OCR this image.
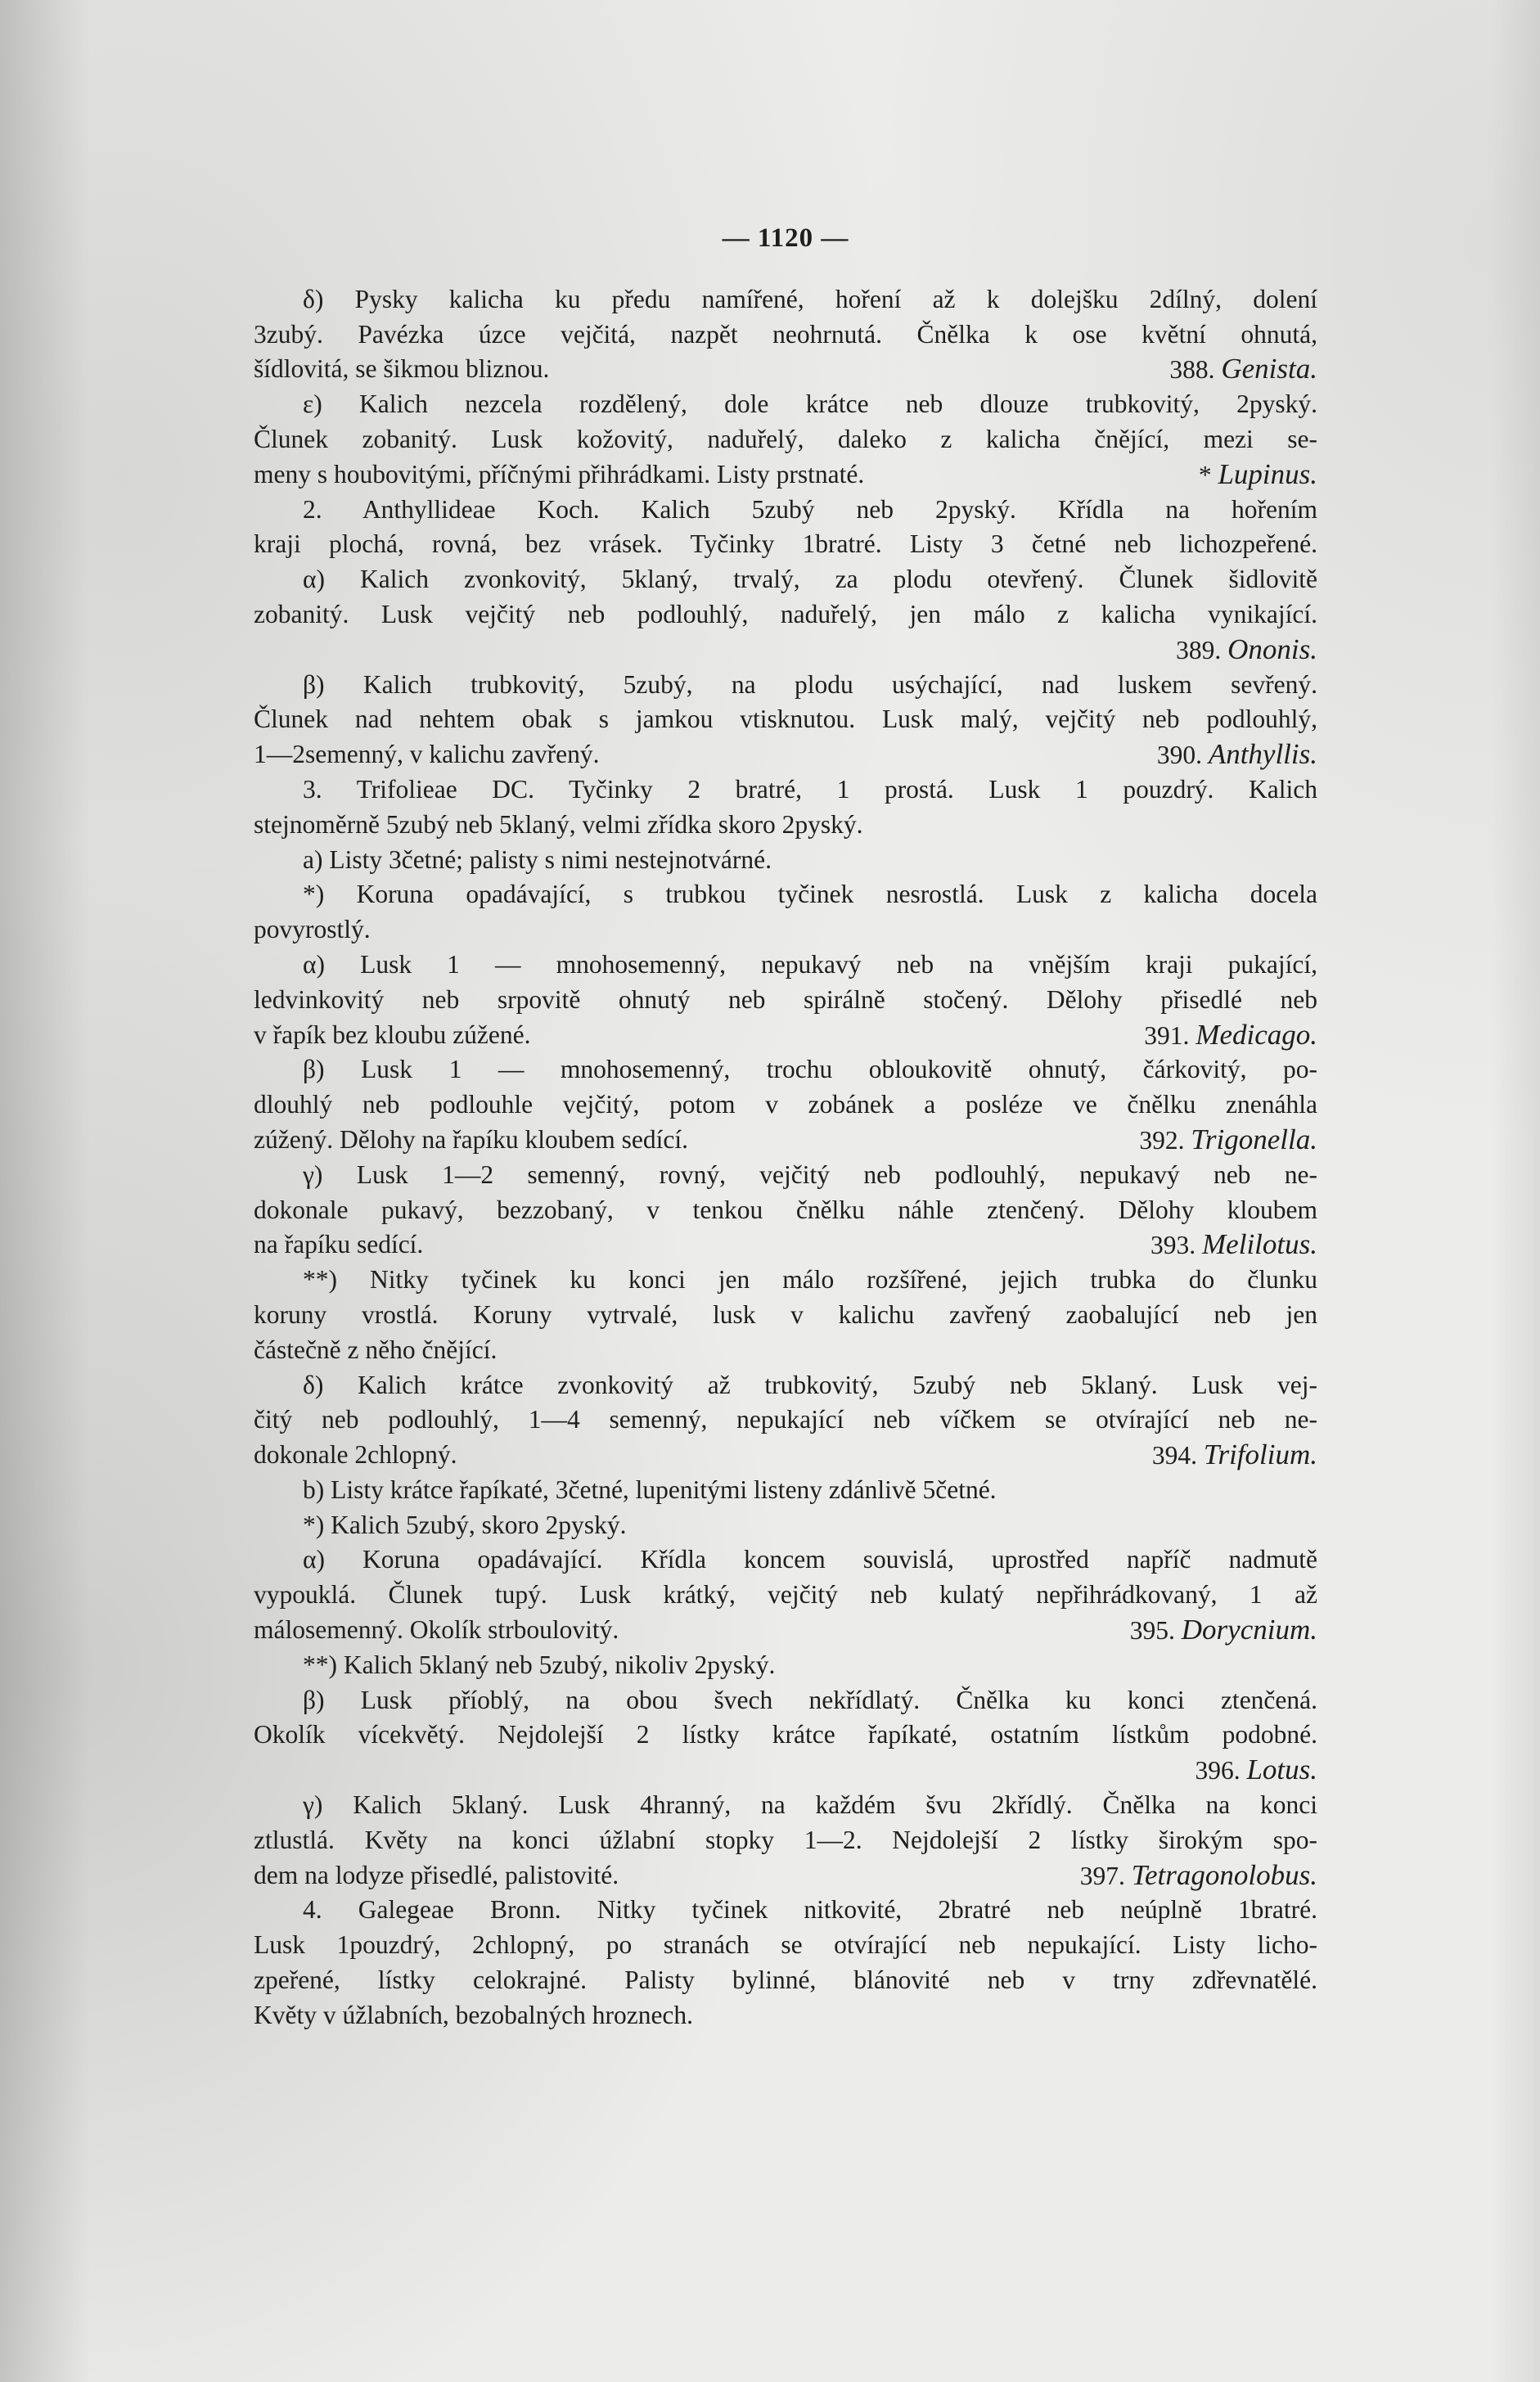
— 1120 —
δ) Pysky kalicha ku předu namířené, hoření až k dolejšku 2dílný, dolení
3zubý. Pavézka úzce vejčitá, nazpět neohrnutá. Čnělka k ose květní ohnutá,
šídlovitá, se šikmou bliznou.	388. Genista.
ε) Kalich nezcela rozdělený, dole krátce neb dlouze trubkovitý, 2pyský.
Člunek zobanitý. Lusk kožovitý, naduřelý, daleko z kalicha čnějící, mezi se-
meny s houbovitými, příčnými přihrádkami. Listy prstnaté.	* Lupinus.
2. Anthyllideae Koch. Kalich 5zubý neb 2pyský. Křídla na hořením
kraji plochá, rovná, bez vrásek. Tyčinky 1bratré. Listy 3 četné neb lichozpeřené.
α) Kalich zvonkovitý, 5klaný, trvalý, za plodu otevřený. Člunek šidlovitě
zobanitý. Lusk vejčitý neb podlouhlý, naduřelý, jen málo z kalicha vynikající.
389. Ononis.
β) Kalich trubkovitý, 5zubý, na plodu usýchající, nad luskem sevřený.
Člunek nad nehtem obak s jamkou vtisknutou. Lusk malý, vejčitý neb podlouhlý,
1—2semenný, v kalichu zavřený.	390. Anthyllis.
3. Trifolieae DC. Tyčinky 2 bratré, 1 prostá. Lusk 1 pouzdrý. Kalich
stejnoměrně 5zubý neb 5klaný, velmi zřídka skoro 2pyský.
a) Listy 3četné; palisty s nimi nestejnotvárné.
*) Koruna opadávající, s trubkou tyčinek nesrostlá. Lusk z kalicha docela
povyrostlý.
α) Lusk 1 — mnohosemenný, nepukavý neb na vnějším kraji pukající,
ledvinkovitý neb srpovitě ohnutý neb spirálně stočený. Dělohy přisedlé neb
v řapík bez kloubu zúžené.	391. Medicago.
β) Lusk 1 — mnohosemenný, trochu obloukovitě ohnutý, čárkovitý, po-
dlouhlý neb podlouhle vejčitý, potom v zobánek a posléze ve čnělku znenáhla
zúžený. Dělohy na řapíku kloubem sedící.	392. Trigonella.
γ) Lusk 1—2 semenný, rovný, vejčitý neb podlouhlý, nepukavý neb ne-
dokonale pukavý, bezzobaný, v tenkou čnělku náhle ztenčený. Dělohy kloubem
na řapíku sedící.	393. Melilotus.
**) Nitky tyčinek ku konci jen málo rozšířené, jejich trubka do člunku
koruny vrostlá. Koruny vytrvalé, lusk v kalichu zavřený zaobalující neb jen
částečně z něho čnějící.
δ) Kalich krátce zvonkovitý až trubkovitý, 5zubý neb 5klaný. Lusk vej-
čitý neb podlouhlý, 1—4 semenný, nepukající neb víčkem se otvírající neb ne-
dokonale 2chlopný.	394. Trifolium.
b) Listy krátce řapíkaté, 3četné, lupenitými listeny zdánlivě 5četné.
*) Kalich 5zubý, skoro 2pyský.
α) Koruna opadávající. Křídla koncem souvislá, uprostřed napříč nadmutě
vypouklá. Člunek tupý. Lusk krátký, vejčitý neb kulatý nepřihrádkovaný, 1 až
málosemenný. Okolík strboulovitý.	395. Dorycnium.
**) Kalich 5klaný neb 5zubý, nikoliv 2pyský.
β) Lusk příoblý, na obou švech nekřídlatý. Čnělka ku konci ztenčená.
Okolík vícekvětý. Nejdolejší 2 lístky krátce řapíkaté, ostatním lístkům podobné.
396. Lotus.
γ) Kalich 5klaný. Lusk 4hranný, na každém švu 2křídlý. Čnělka na konci
ztlustlá. Květy na konci úžlabní stopky 1—2. Nejdolejší 2 lístky širokým spo-
dem na lodyze přisedlé, palistovité.	397. Tetragonolobus.
4. Galegeae Bronn. Nitky tyčinek nitkovité, 2bratré neb neúplně 1bratré.
Lusk 1pouzdrý, 2chlopný, po stranách se otvírající neb nepukající. Listy licho-
zpeřené, lístky celokrajné. Palisty bylinné, blánovité neb v trny zdřevnatělé.
Květy v úžlabních, bezobalných hroznech.
